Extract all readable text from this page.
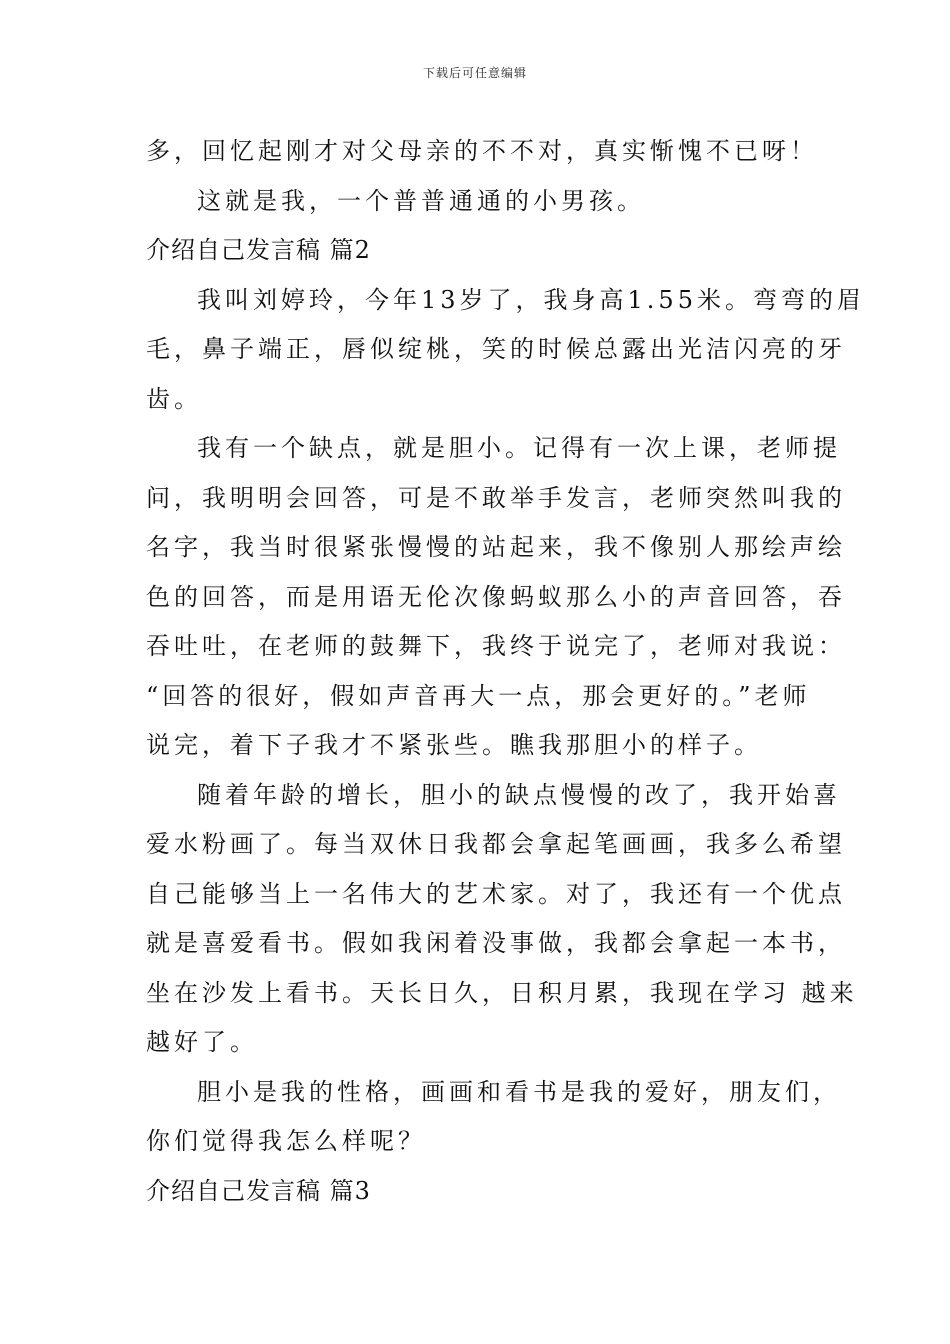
下载后可任意编辑
多，回忆起刚才对父母亲的不不对，真实惭愧不已呀！
这就是我，一个普普通通的小男孩。
介绍自己发言稿 篇2
我叫刘婷玲，今年13岁了，我身高1.55米。弯弯的眉
毛，鼻子端正，唇似绽桃，笑的时候总露出光洁闪亮的牙
齿。
我有一个缺点，就是胆小。记得有一次上课，老师提
问，我明明会回答，可是不敢举手发言，老师突然叫我的
名字，我当时很紧张慢慢的站起来，我不像别人那绘声绘
色的回答，而是用语无伦次像蚂蚁那么小的声音回答，吞
吞吐吐，在老师的鼓舞下，我终于说完了，老师对我说：
“回答的很好，假如声音再大一点，那会更好的。”老师
说完，着下子我才不紧张些。瞧我那胆小的样子。
随着年龄的增长，胆小的缺点慢慢的改了，我开始喜
爱水粉画了。每当双休日我都会拿起笔画画，我多么希望
自己能够当上一名伟大的艺术家。对了，我还有一个优点
就是喜爱看书。假如我闲着没事做，我都会拿起一本书，
坐在沙发上看书。天长日久，日积月累，我现在学习 越来
越好了。
胆小是我的性格，画画和看书是我的爱好，朋友们，
你们觉得我怎么样呢？
介绍自己发言稿 篇3
